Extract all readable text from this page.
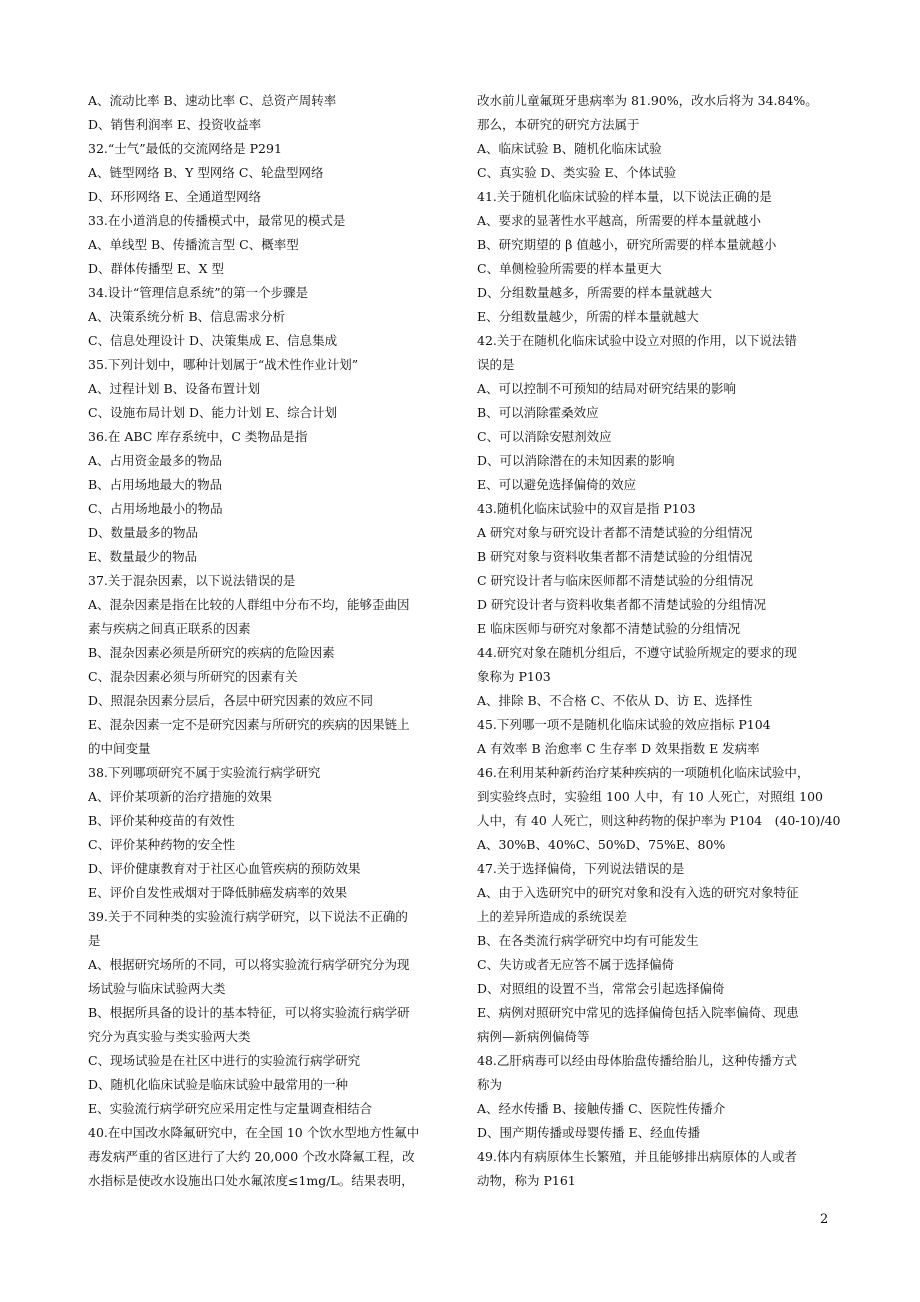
A、流动比率 B、速动比率 C、总资产周转率
D、销售利润率 E、投资收益率
32.“士气”最低的交流网络是 P291
A、链型网络 B、Y 型网络 C、轮盘型网络
D、环形网络 E、全通道型网络
33.在小道消息的传播模式中，最常见的模式是
A、单线型 B、传播流言型 C、概率型
D、群体传播型 E、X 型
34.设计“管理信息系统”的第一个步骤是
A、决策系统分析 B、信息需求分析
C、信息处理设计 D、决策集成 E、信息集成
35.下列计划中，哪种计划属于“战术性作业计划”
A、过程计划 B、设备布置计划
C、设施布局计划 D、能力计划 E、综合计划
36.在 ABC 库存系统中，C 类物品是指
A、占用资金最多的物品
B、占用场地最大的物品
C、占用场地最小的物品
D、数量最多的物品
E、数量最少的物品
37.关于混杂因素，以下说法错误的是
A、混杂因素是指在比较的人群组中分布不均，能够歪曲因
素与疾病之间真正联系的因素
B、混杂因素必须是所研究的疾病的危险因素
C、混杂因素必须与所研究的因素有关
D、照混杂因素分层后，各层中研究因素的效应不同
E、混杂因素一定不是研究因素与所研究的疾病的因果链上
的中间变量
38.下列哪项研究不属于实验流行病学研究
A、评价某项新的治疗措施的效果
B、评价某种疫苗的有效性
C、评价某种药物的安全性
D、评价健康教育对于社区心血管疾病的预防效果
E、评价自发性戒烟对于降低肺癌发病率的效果
39.关于不同种类的实验流行病学研究，以下说法不正确的
是
A、根据研究场所的不同，可以将实验流行病学研究分为现
场试验与临床试验两大类
B、根据所具备的设计的基本特征，可以将实验流行病学研
究分为真实验与类实验两大类
C、现场试验是在社区中进行的实验流行病学研究
D、随机化临床试验是临床试验中最常用的一种
E、实验流行病学研究应采用定性与定量调查相结合
40.在中国改水降氟研究中，在全国 10 个饮水型地方性氟中
毒发病严重的省区进行了大约 20,000 个改水降氟工程，改
水指标是使改水设施出口处水氟浓度≤1mg/L。结果表明，
改水前儿童氟斑牙患病率为 81.90%，改水后将为 34.84%。
那么，本研究的研究方法属于
A、临床试验 B、随机化临床试验
C、真实验 D、类实验 E、个体试验
41.关于随机化临床试验的样本量，以下说法正确的是
A、要求的显著性水平越高，所需要的样本量就越小
B、研究期望的 β 值越小，研究所需要的样本量就越小
C、单侧检验所需要的样本量更大
D、分组数量越多，所需要的样本量就越大
E、分组数量越少，所需的样本量就越大
42.关于在随机化临床试验中设立对照的作用，以下说法错
误的是
A、可以控制不可预知的结局对研究结果的影响
B、可以消除霍桑效应
C、可以消除安慰剂效应
D、可以消除潜在的未知因素的影响
E、可以避免选择偏倚的效应
43.随机化临床试验中的双盲是指 P103
A 研究对象与研究设计者都不清楚试验的分组情况
B 研究对象与资料收集者都不清楚试验的分组情况
C 研究设计者与临床医师都不清楚试验的分组情况
D 研究设计者与资料收集者都不清楚试验的分组情况
E 临床医师与研究对象都不清楚试验的分组情况
44.研究对象在随机分组后，不遵守试验所规定的要求的现
象称为 P103
A、排除 B、不合格 C、不依从 D、访 E、选择性
45.下列哪一项不是随机化临床试验的效应指标 P104
A 有效率 B 治愈率 C 生存率 D 效果指数 E 发病率
46.在利用某种新药治疗某种疾病的一项随机化临床试验中，
到实验终点时，实验组 100 人中，有 10 人死亡，对照组 100
人中，有 40 人死亡，则这种药物的保护率为 P104　(40-10)/40
A、30%B、40%C、50%D、75%E、80%
47.关于选择偏倚，下列说法错误的是
A、由于入选研究中的研究对象和没有入选的研究对象特征
上的差异所造成的系统误差
B、在各类流行病学研究中均有可能发生
C、失访或者无应答不属于选择偏倚
D、对照组的设置不当，常常会引起选择偏倚
E、病例对照研究中常见的选择偏倚包括入院率偏倚、现患
病例—新病例偏倚等
48.乙肝病毒可以经由母体胎盘传播给胎儿，这种传播方式
称为
A、经水传播 B、接触传播 C、医院性传播介
D、围产期传播或母婴传播 E、经血传播
49.体内有病原体生长繁殖，并且能够排出病原体的人或者
动物，称为 P161
2
